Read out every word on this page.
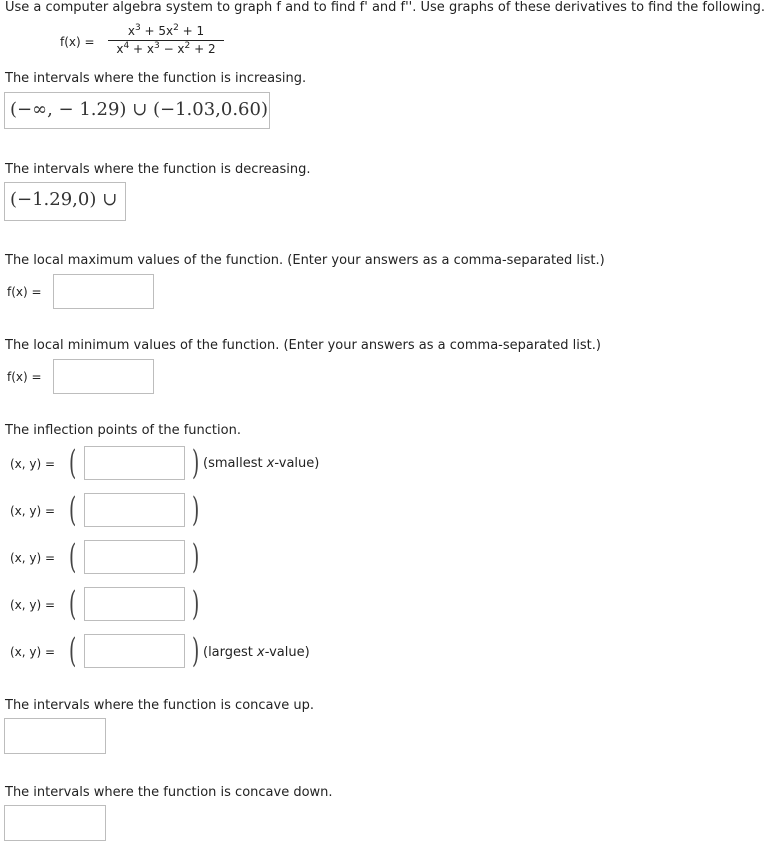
Use a computer algebra system to graph f and to find f' and f''. Use graphs of these derivatives to find the following.
f(x) =
$x^3 + 5x^2 + 1$
$x^4 + x^3 - x^2 + 2$
The intervals where the function is increasing.
(−∞, − 1.29) ∪ (−1.03,0.60)
The intervals where the function is decreasing.
(−1.29,0) ∪
The local maximum values of the function. (Enter your answers as a comma-separated list.)
f(x) =
The local minimum values of the function. (Enter your answers as a comma-separated list.)
f(x) =
The inflection points of the function.
(x, y) = (	) (smallest x-value)
(x, y) = (	)
(x, y) = (	)
(x, y) = (	)
(x, y) = (	) (largest x-value)
The intervals where the function is concave up.
The intervals where the function is concave down.
